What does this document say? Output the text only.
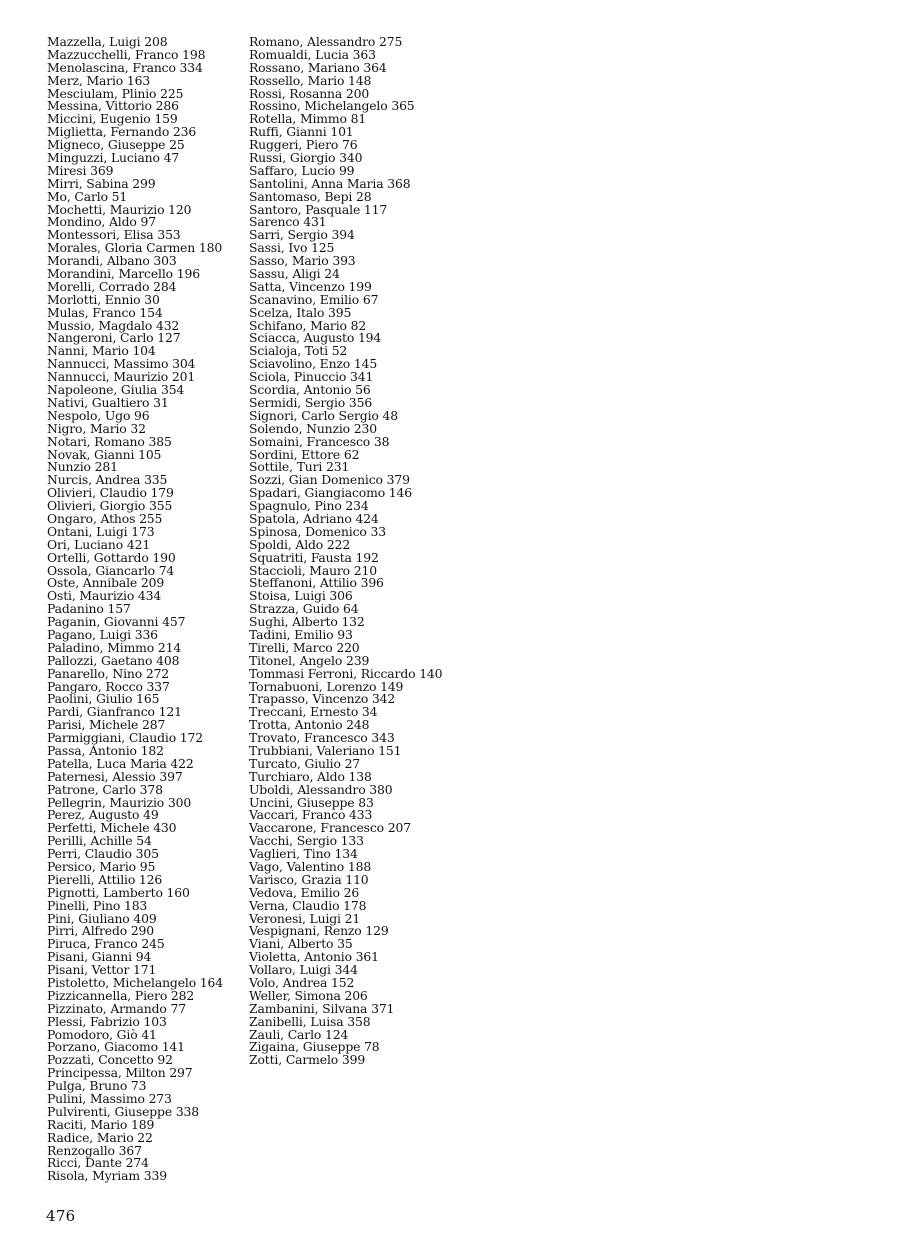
Mazzella, Luigi 208
Mazzucchelli, Franco 198
Menolascina, Franco 334
Merz, Mario 163
Mesciulam, Plinio 225
Messina, Vittorio 286
Miccini, Eugenio 159
Miglietta, Fernando 236
Migneco, Giuseppe 25
Minguzzi, Luciano 47
Miresi 369
Mirri, Sabina 299
Mo, Carlo 51
Mochetti, Maurizio 120
Mondino, Aldo 97
Montessori, Elisa 353
Morales, Gloria Carmen 180
Morandi, Albano 303
Morandini, Marcello 196
Morelli, Corrado 284
Morlotti, Ennio 30
Mulas, Franco 154
Mussio, Magdalo 432
Nangeroni, Carlo 127
Nanni, Mario 104
Nannucci, Massimo 304
Nannucci, Maurizio 201
Napoleone, Giulia 354
Nativi, Gualtiero 31
Nespolo, Ugo 96
Nigro, Mario 32
Notari, Romano 385
Novak, Gianni 105
Nunzio 281
Nurcis, Andrea 335
Olivieri, Claudio 179
Olivieri, Giorgio 355
Ongaro, Athos 255
Ontani, Luigi 173
Ori, Luciano 421
Ortelli, Gottardo 190
Ossola, Giancarlo 74
Oste, Annibale 209
Osti, Maurizio 434
Padanino 157
Paganin, Giovanni 457
Pagano, Luigi 336
Paladino, Mimmo 214
Pallozzi, Gaetano 408
Panarello, Nino 272
Pangaro, Rocco 337
Paolini, Giulio 165
Pardi, Gianfranco 121
Parisi, Michele 287
Parmiggiani, Claudio 172
Passa, Antonio 182
Patella, Luca Maria 422
Paternesi, Alessio 397
Patrone, Carlo 378
Pellegrin, Maurizio 300
Perez, Augusto 49
Perfetti, Michele 430
Perilli, Achille 54
Perri, Claudio 305
Persico, Mario 95
Pierelli, Attilio 126
Pignotti, Lamberto 160
Pinelli, Pino 183
Pini, Giuliano 409
Pirri, Alfredo 290
Piruca, Franco 245
Pisani, Gianni 94
Pisani, Vettor 171
Pistoletto, Michelangelo 164
Pizzicannella, Piero 282
Pizzinato, Armando 77
Plessi, Fabrizio 103
Pomodoro, Giò 41
Porzano, Giacomo 141
Pozzati, Concetto 92
Principessa, Milton 297
Pulga, Bruno 73
Pulini, Massimo 273
Pulvirenti, Giuseppe 338
Raciti, Mario 189
Radice, Mario 22
Renzogallo 367
Ricci, Dante 274
Risola, Myriam 339
Romano, Alessandro 275
Romualdi, Lucia 363
Rossano, Mariano 364
Rossello, Mario 148
Rossi, Rosanna 200
Rossino, Michelangelo 365
Rotella, Mimmo 81
Ruffi, Gianni 101
Ruggeri, Piero 76
Russi, Giorgio 340
Saffaro, Lucio 99
Santolini, Anna Maria 368
Santomaso, Bepi 28
Santoro, Pasquale 117
Sarenco 431
Sarri, Sergio 394
Sassi, Ivo 125
Sasso, Mario 393
Sassu, Aligi 24
Satta, Vincenzo 199
Scanavino, Emilio 67
Scelza, Italo 395
Schifano, Mario 82
Sciacca, Augusto 194
Scialoja, Toti 52
Sciavolino, Enzo 145
Sciola, Pinuccio 341
Scordia, Antonio 56
Sermidi, Sergio 356
Signori, Carlo Sergio 48
Solendo, Nunzio 230
Somaini, Francesco 38
Sordini, Ettore 62
Sottile, Turi 231
Sozzi, Gian Domenico 379
Spadari, Giangiacomo 146
Spagnulo, Pino 234
Spatola, Adriano 424
Spinosa, Domenico 33
Spoldi, Aldo 222
Squatriti, Fausta 192
Staccioli, Mauro 210
Steffanoni, Attilio 396
Stoisa, Luigi 306
Strazza, Guido 64
Sughi, Alberto 132
Tadini, Emilio 93
Tirelli, Marco 220
Titonel, Angelo 239
Tommasi Ferroni, Riccardo 140
Tornabuoni, Lorenzo 149
Trapasso, Vincenzo 342
Treccani, Ernesto 34
Trotta, Antonio 248
Trovato, Francesco 343
Trubbiani, Valeriano 151
Turcato, Giulio 27
Turchiaro, Aldo 138
Uboldi, Alessandro 380
Uncini, Giuseppe 83
Vaccari, Franco 433
Vaccarone, Francesco 207
Vacchi, Sergio 133
Vaglieri, Tino 134
Vago, Valentino 188
Varisco, Grazia 110
Vedova, Emilio 26
Verna, Claudio 178
Veronesi, Luigi 21
Vespignani, Renzo 129
Viani, Alberto 35
Violetta, Antonio 361
Vollaro, Luigi 344
Volo, Andrea 152
Weller, Simona 206
Zambanini, Silvana 371
Zanibelli, Luisa 358
Zauli, Carlo 124
Zigaina, Giuseppe 78
Zotti, Carmelo 399
476
